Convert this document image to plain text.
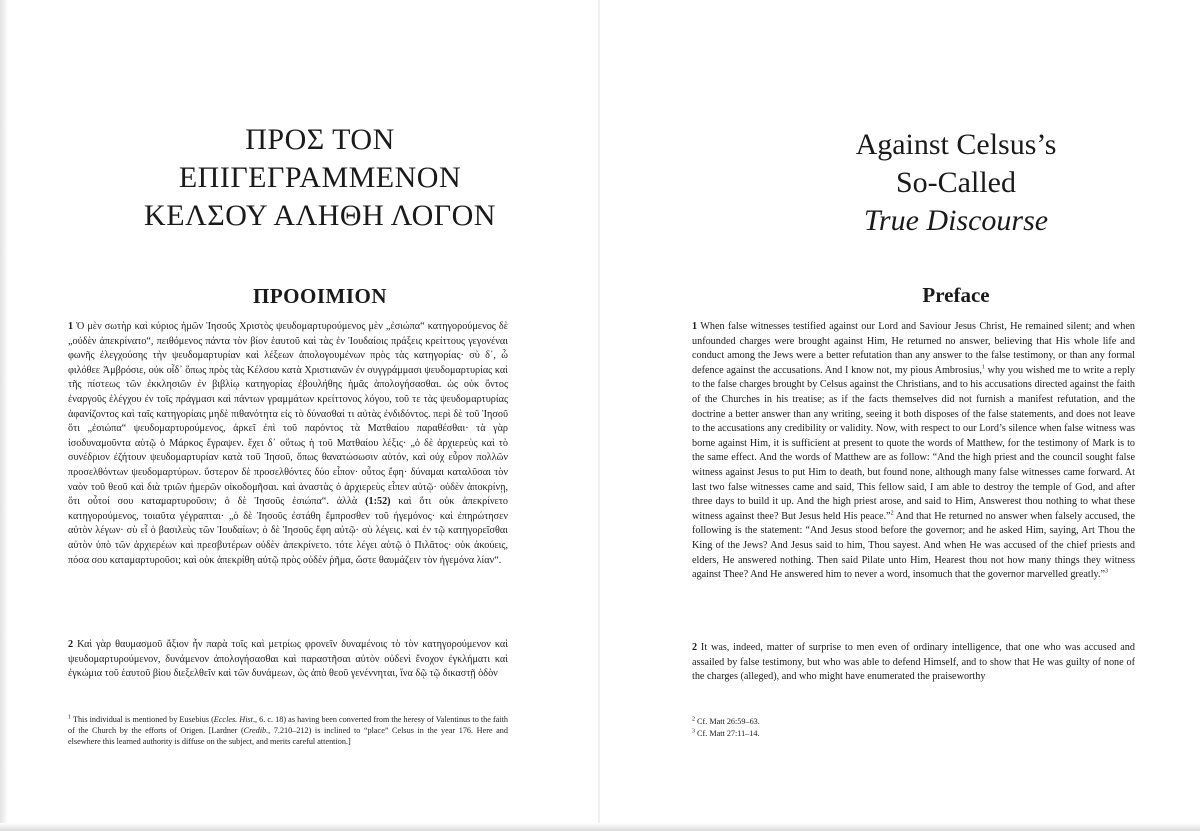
ΠΡΟΣ ΤΟΝ
ΕΠΙΓΕΓΡΑΜΜΕΝΟΝ
ΚΕΛΣΟΥ ΑΛΗΘΗ ΛΟΓΟΝ
ΠΡΟΟΙΜΙΟΝ

1 Ὁ μὲν σωτὴρ καὶ κύριος ἡμῶν Ἰησοῦς Χριστὸς ψευδομαρτυρούμενος μὲν „ἐσιώπα“ κατηγορούμενος δὲ „οὐδὲν ἀπεκρίνατο“, πειθόμενος πάντα τὸν βίον ἑαυτοῦ καὶ τὰς ἐν Ἰουδαίοις πράξεις κρείττους γεγονέναι φωνῆς ἐλεγχούσης τὴν ψευδομαρτυρίαν καὶ λέξεων ἀπολογουμένων πρὸς τὰς κατηγορίας· σὺ δ᾽, ὦ φιλόθεε Ἀμβρόσιε, οὐκ οἶδ᾽ ὅπως πρὸς τὰς Κέλσου κατὰ Χριστιανῶν ἐν συγγράμμασι ψευδομαρτυρίας καὶ τῆς πίστεως τῶν ἐκκλησιῶν ἐν βιβλίῳ κατηγορίας ἐβουλήθης ἡμᾶς ἀπολογήσασθαι. ὡς οὐκ ὄντος ἐναργοῦς ἐλέγχου ἐν τοῖς πράγμασι καὶ πάντων γραμμάτων κρείττονος λόγου, τοῦ τε τὰς ψευδομαρτυρίας ἀφανίζοντος καὶ ταῖς κατηγορίαις μηδὲ πιθανότητα εἰς τὸ δύνασθαί τι αὐτὰς ἐνδιδόντος. περὶ δὲ τοῦ Ἰησοῦ ὅτι „ἐσιώπα“ ψευδομαρτυρούμενος, ἀρκεῖ ἐπὶ τοῦ παρόντος τὰ Ματθαίου παραθέσθαι· τὰ γὰρ ἰσοδυναμοῦντα αὐτῷ ὁ Μάρκος ἔγραψεν. ἔχει δ᾽ οὕτως ἡ τοῦ Ματθαίου λέξις· „ὁ δὲ ἀρχιερεὺς καὶ τὸ συνέδριον ἐζήτουν ψευδομαρτυρίαν κατὰ τοῦ Ἰησοῦ, ὅπως θανατώσωσιν αὐτόν, καὶ οὐχ εὗρον πολλῶν προσελθόντων ψευδομαρτύρων. ὕστερον δὲ προσελθόντες δύο εἶπον· οὗτος ἔφη· δύναμαι καταλῦσαι τὸν ναὸν τοῦ θεοῦ καὶ διὰ τριῶν ἡμερῶν οἰκοδομῆσαι. καὶ ἀναστὰς ὁ ἀρχιερεὺς εἶπεν αὐτῷ· οὐδὲν ἀποκρίνῃ, ὅτι οὗτοί σου καταμαρτυροῦσιν; ὁ δὲ Ἰησοῦς ἐσιώπα“. ἀλλὰ (1:52) καὶ ὅτι οὐκ ἀπεκρίνετο κατηγορούμενος, τοιαῦτα γέγραπται· „ὁ δὲ Ἰησοῦς ἐστάθη ἔμπροσθεν τοῦ ἡγεμόνος· καὶ ἐπηρώτησεν αὐτὸν λέγων· σὺ εἶ ὁ βασιλεὺς τῶν Ἰουδαίων; ὁ δὲ Ἰησοῦς ἔφη αὐτῷ· σὺ λέγεις. καὶ ἐν τῷ κατηγορεῖσθαι αὐτὸν ὑπὸ τῶν ἀρχιερέων καὶ πρεσβυτέρων οὐδὲν ἀπεκρίνετο. τότε λέγει αὐτῷ ὁ Πιλᾶτος· οὐκ ἀκούεις, πόσα σου καταμαρτυροῦσι; καὶ οὐκ ἀπεκρίθη αὐτῷ πρὸς οὐδὲν ῥῆμα, ὥστε θαυμάζειν τὸν ἡγεμόνα λίαν“.

2 Καὶ γὰρ θαυμασμοῦ ἄξιον ἦν παρὰ τοῖς καὶ μετρίως φρονεῖν δυναμένοις τὸ τὸν κατηγορούμενον καὶ ψευδομαρτυρούμενον, δυνάμενον ἀπολογήσασθαι καὶ παραστῆσαι αὐτὸν οὐδενὶ ἔνοχον ἐγκλήματι καὶ ἐγκώμια τοῦ ἑαυτοῦ βίου διεξελθεῖν καὶ τῶν δυνάμεων, ὡς ἀπὸ θεοῦ γενέννηται, ἵνα δῷ τῷ δικαστῇ ὁδὸν

$^1$ This individual is mentioned by Eusebius (Eccles. Hist., 6. c. 18) as having been converted from the heresy of Valentinus to the faith of the Church by the efforts of Origen. [Lardner (Credib., 7.210–212) is inclined to “place” Celsus in the year 176. Here and elsewhere this learned authority is diffuse on the subject, and merits careful attention.]

Against Celsus’s
So-Called
True Discourse
Preface

1 When false witnesses testified against our Lord and Saviour Jesus Christ, He remained silent; and when unfounded charges were brought against Him, He returned no answer, believing that His whole life and conduct among the Jews were a better refutation than any answer to the false testimony, or than any formal defence against the accusations. And I know not, my pious Ambrosius,$^1$ why you wished me to write a reply to the false charges brought by Celsus against the Christians, and to his accusations directed against the faith of the Churches in his treatise; as if the facts themselves did not furnish a manifest refutation, and the doctrine a better answer than any writing, seeing it both disposes of the false statements, and does not leave to the accusations any credibility or validity. Now, with respect to our Lord’s silence when false witness was borne against Him, it is sufficient at present to quote the words of Matthew, for the testimony of Mark is to the same effect. And the words of Matthew are as follow: “And the high priest and the council sought false witness against Jesus to put Him to death, but found none, although many false witnesses came forward. At last two false witnesses came and said, This fellow said, I am able to destroy the temple of God, and after three days to build it up. And the high priest arose, and said to Him, Answerest thou nothing to what these witness against thee? But Jesus held His peace.”$^2$ And that He returned no answer when falsely accused, the following is the statement: “And Jesus stood before the governor; and he asked Him, saying, Art Thou the King of the Jews? And Jesus said to him, Thou sayest. And when He was accused of the chief priests and elders, He answered nothing. Then said Pilate unto Him, Hearest thou not how many things they witness against Thee? And He answered him to never a word, insomuch that the governor marvelled greatly.”$^3$

2 It was, indeed, matter of surprise to men even of ordinary intelligence, that one who was accused and assailed by false testimony, but who was able to defend Himself, and to show that He was guilty of none of the charges (alleged), and who might have enumerated the praiseworthy

$^2$ Cf. Matt 26:59–63.

$^3$ Cf. Matt 27:11–14.
